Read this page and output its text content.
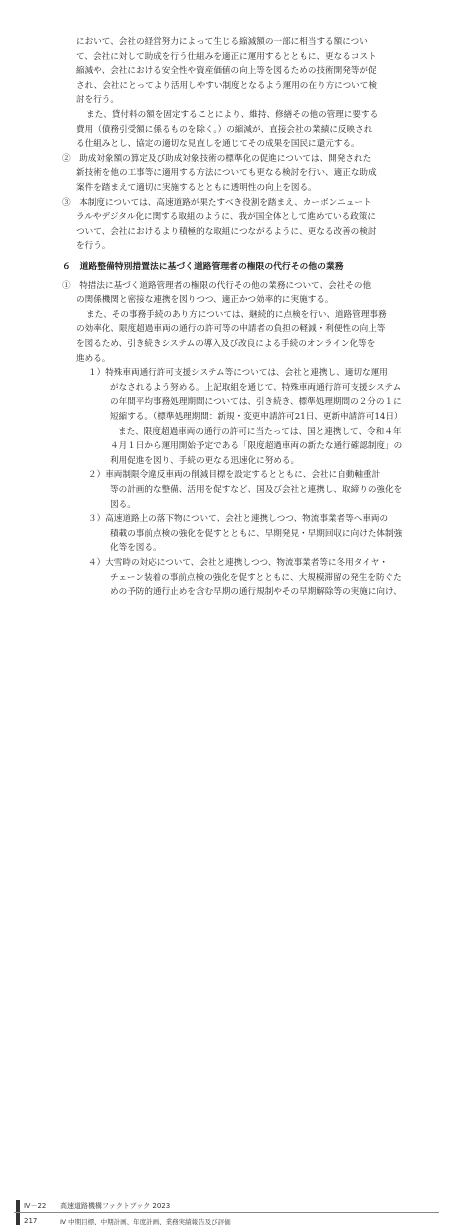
において、会社の経営努力によって生じる縮減額の一部に相当する額につい
て、会社に対して助成を行う仕組みを適正に運用するとともに、更なるコスト
縮減や、会社における安全性や資産価値の向上等を図るための技術開発等が促
され、会社にとってより活用しやすい制度となるよう運用の在り方について検
討を行う。
また、貸付料の額を固定することにより、維持、修繕その他の管理に要する
費用（債務引受額に係るものを除く。）の縮減が、直接会社の業績に反映され
る仕組みとし、協定の適切な見直しを通じてその成果を国民に還元する。
②　助成対象額の算定及び助成対象技術の標準化の促進については、開発された
新技術を他の工事等に適用する方法についても更なる検討を行い、適正な助成
案件を踏まえて適切に実施するとともに透明性の向上を図る。
③　本制度については、高速道路が果たすべき役割を踏まえ、カーボンニュート
ラルやデジタル化に関する取組のように、我が国全体として進めている政策に
ついて、会社におけるより積極的な取組につながるように、更なる改善の検討
を行う。
６　道路整備特別措置法に基づく道路管理者の権限の代行その他の業務
①　特措法に基づく道路管理者の権限の代行その他の業務について、会社その他
の関係機関と密接な連携を図りつつ、適正かつ効率的に実施する。
また、その事務手続のあり方については、継続的に点検を行い、道路管理事務
の効率化、限度超過車両の通行の許可等の申請者の負担の軽減・利便性の向上等
を図るため、引き続きシステムの導入及び改良による手続のオンライン化等を
進める。
１）特殊車両通行許可支援システム等については、会社と連携し、適切な運用
がなされるよう努める。上記取組を通じて、特殊車両通行許可支援システム
の年間平均事務処理期間については、引き続き、標準処理期間の２分の１に
短縮する。（標準処理期間：新規・変更申請許可21日、更新申請許可14日）
また、限度超過車両の通行の許可に当たっては、国と連携して、令和４年
４月１日から運用開始予定である「限度超過車両の新たな通行確認制度」の
利用促進を図り、手続の更なる迅速化に努める。
２）車両制限令違反車両の削減目標を設定するとともに、会社に自動軸重計
等の計画的な整備、活用を促すなど、国及び会社と連携し、取締りの強化を
図る。
３）高速道路上の落下物について、会社と連携しつつ、物流事業者等へ車両の
積載の事前点検の強化を促すとともに、早期発見・早期回収に向けた体制強
化等を図る。
４）大雪時の対応について、会社と連携しつつ、物流事業者等に冬用タイヤ・
チェーン装着の事前点検の強化を促すとともに、大規模滞留の発生を防ぐた
めの予防的通行止めを含む早期の通行規制やその早期解除等の実施に向け、
Ⅳ－22 高速道路機構ファクトブック 2023
217	Ⅳ 中期目標、中期計画、年度計画、業務実績報告及び評価
